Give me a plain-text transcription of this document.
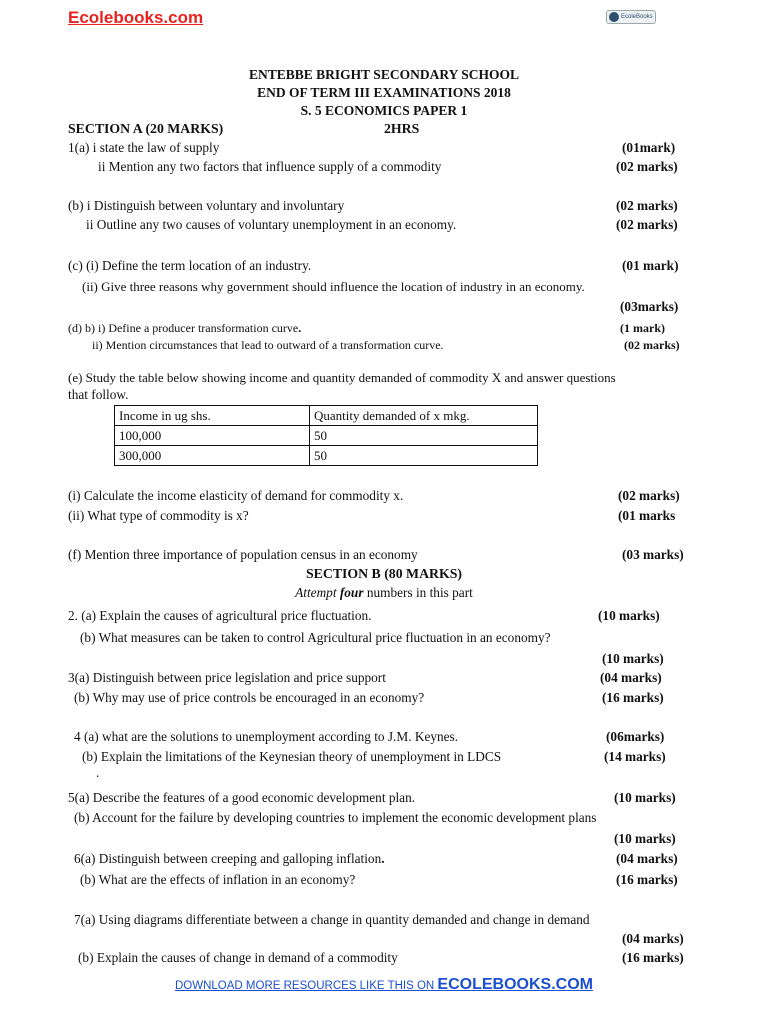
Ecolebooks.com	EcoleBooks
ENTEBBE BRIGHT SECONDARY SCHOOL
END OF TERM III EXAMINATIONS 2018
S. 5 ECONOMICS PAPER 1
SECTION A (20 MARKS)	2HRS
1(a) i state the law of supply	(01mark)
ii Mention any two factors that influence supply of a commodity	(02 marks)
(b) i Distinguish between voluntary and involuntary	(02 marks)
ii Outline any two causes of voluntary unemployment in an economy.	(02 marks)
(c) (i) Define the term location of an industry.	(01 mark)
(ii) Give three reasons why government should influence the location of industry in an economy.
(03marks)
(d) b) i) Define a producer transformation curve.	(1 mark)
ii) Mention circumstances that lead to outward of a transformation curve.	(02 marks)
(e) Study the table below showing income and quantity demanded of commodity X and answer questions
that follow.
Income in ug shs.	Quantity demanded of x mkg.
100,000	50
300,000	50
(i) Calculate the income elasticity of demand for commodity x.	(02 marks)
(ii) What type of commodity is x?	(01 marks
(f) Mention three importance of population census in an economy	(03 marks)
SECTION B (80 MARKS)
Attempt four numbers in this part
2. (a) Explain the causes of agricultural price fluctuation.	(10 marks)
(b) What measures can be taken to control Agricultural price fluctuation in an economy?
(10 marks)
3(a) Distinguish between price legislation and price support	(04 marks)
(b) Why may use of price controls be encouraged in an economy?	(16 marks)
4 (a) what are the solutions to unemployment according to J.M. Keynes.	(06marks)
(b) Explain the limitations of the Keynesian theory of unemployment in LDCS	(14 marks)
.
5(a) Describe the features of a good economic development plan.	(10 marks)
(b) Account for the failure by developing countries to implement the economic development plans
(10 marks)
6(a) Distinguish between creeping and galloping inflation.	(04 marks)
(b) What are the effects of inflation in an economy?	(16 marks)
7(a) Using diagrams differentiate between a change in quantity demanded and change in demand
(04 marks)
(b) Explain the causes of change in demand of a commodity	(16 marks)
DOWNLOAD MORE RESOURCES LIKE THIS ON ECOLEBOOKS.COM
